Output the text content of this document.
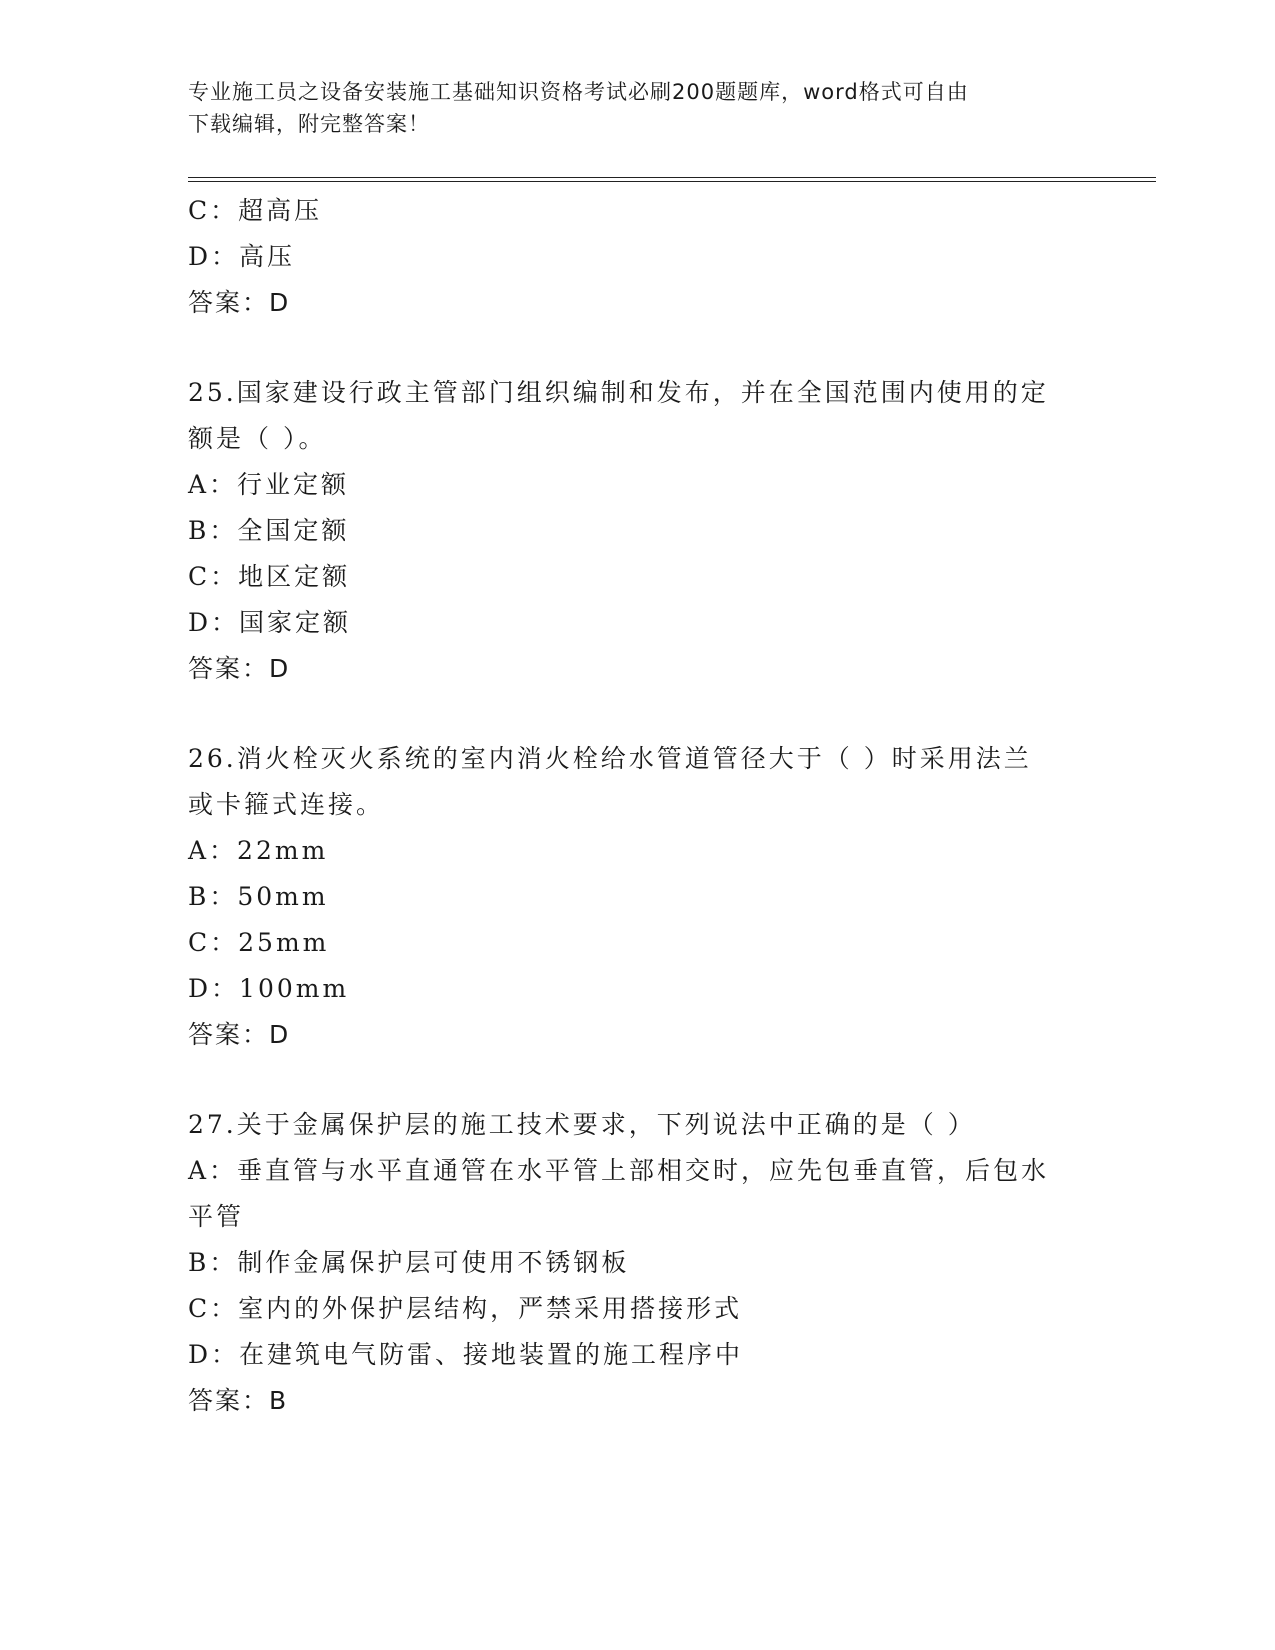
专业施工员之设备安装施工基础知识资格考试必刷200题题库，word格式可自由
下载编辑，附完整答案！
C：超高压
D：高压
答案：D
25.国家建设行政主管部门组织编制和发布，并在全国范围内使用的定
额是（ ）。
A：行业定额
B：全国定额
C：地区定额
D：国家定额
答案：D
26.消火栓灭火系统的室内消火栓给水管道管径大于（ ）时采用法兰
或卡箍式连接。
A：22mm
B：50mm
C：25mm
D：100mm
答案：D
27.关于金属保护层的施工技术要求，下列说法中正确的是（ ）
A：垂直管与水平直通管在水平管上部相交时，应先包垂直管，后包水
平管
B：制作金属保护层可使用不锈钢板
C：室内的外保护层结构，严禁采用搭接形式
D：在建筑电气防雷、接地装置的施工程序中
答案：B
